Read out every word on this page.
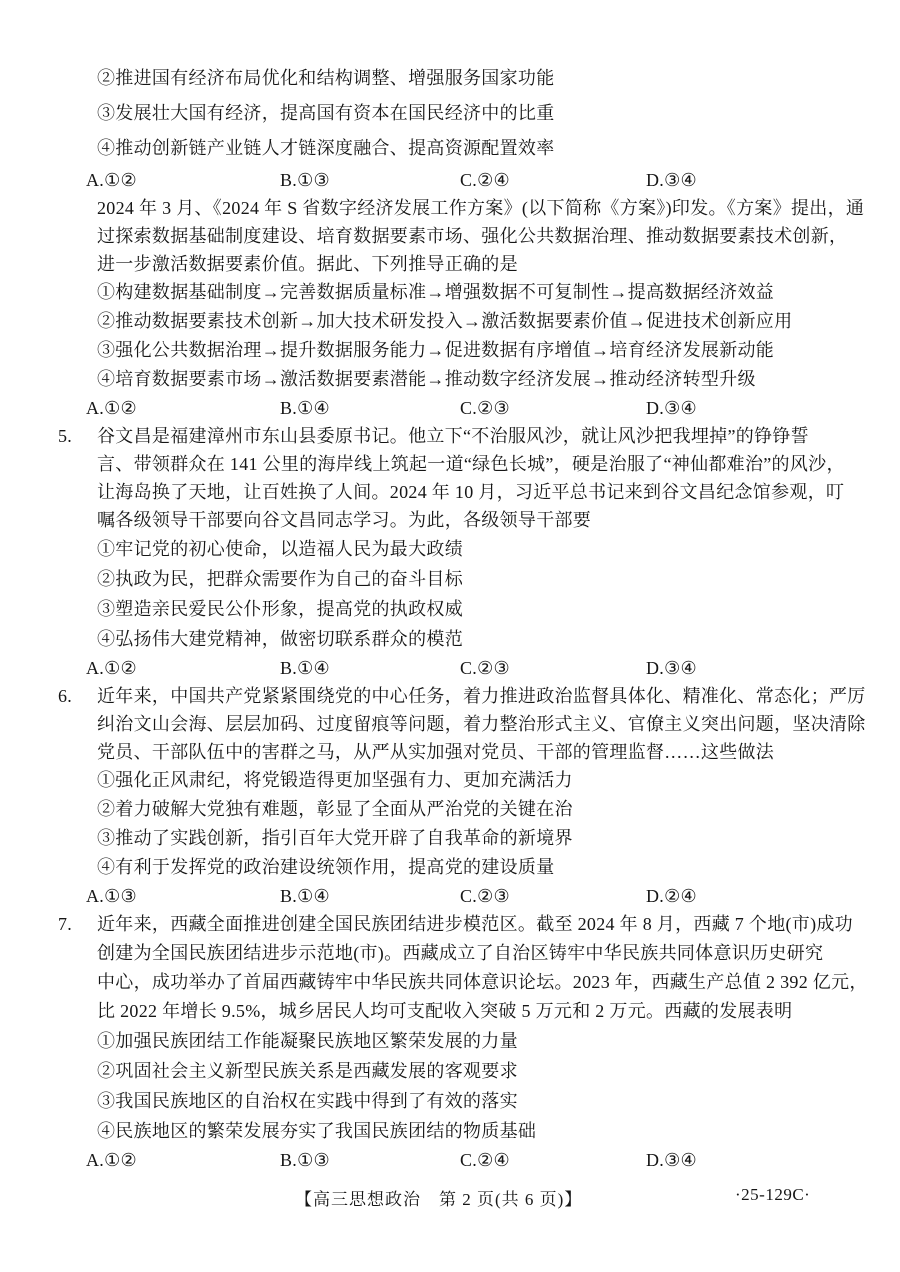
②推进国有经济布局优化和结构调整、增强服务国家功能
③发展壮大国有经济，提高国有资本在国民经济中的比重
④推动创新链产业链人才链深度融合、提高资源配置效率
A.①②	B.①③	C.②④	D.③④
2024 年 3 月、《2024 年 S 省数字经济发展工作方案》(以下简称《方案》)印发。《方案》提出，通
过探索数据基础制度建设、培育数据要素市场、强化公共数据治理、推动数据要素技术创新，
进一步激活数据要素价值。据此、下列推导正确的是
①构建数据基础制度→完善数据质量标准→增强数据不可复制性→提高数据经济效益
②推动数据要素技术创新→加大技术研发投入→激活数据要素价值→促进技术创新应用
③强化公共数据治理→提升数据服务能力→促进数据有序增值→培育经济发展新动能
④培育数据要素市场→激活数据要素潜能→推动数字经济发展→推动经济转型升级
A.①②	B.①④	C.②③	D.③④
5. 谷文昌是福建漳州市东山县委原书记。他立下“不治服风沙，就让风沙把我埋掉”的铮铮誓
言、带领群众在 141 公里的海岸线上筑起一道“绿色长城”，硬是治服了“神仙都难治”的风沙，
让海岛换了天地，让百姓换了人间。2024 年 10 月，习近平总书记来到谷文昌纪念馆参观，叮
嘱各级领导干部要向谷文昌同志学习。为此，各级领导干部要
①牢记党的初心使命，以造福人民为最大政绩
②执政为民，把群众需要作为自己的奋斗目标
③塑造亲民爱民公仆形象，提高党的执政权威
④弘扬伟大建党精神，做密切联系群众的模范
A.①②	B.①④	C.②③	D.③④
6. 近年来，中国共产党紧紧围绕党的中心任务，着力推进政治监督具体化、精准化、常态化；严厉
纠治文山会海、层层加码、过度留痕等问题，着力整治形式主义、官僚主义突出问题，坚决清除
党员、干部队伍中的害群之马，从严从实加强对党员、干部的管理监督……这些做法
①强化正风肃纪，将党锻造得更加坚强有力、更加充满活力
②着力破解大党独有难题，彰显了全面从严治党的关键在治
③推动了实践创新，指引百年大党开辟了自我革命的新境界
④有利于发挥党的政治建设统领作用，提高党的建设质量
A.①③	B.①④	C.②③	D.②④
7. 近年来，西藏全面推进创建全国民族团结进步模范区。截至 2024 年 8 月，西藏 7 个地(市)成功
创建为全国民族团结进步示范地(市)。西藏成立了自治区铸牢中华民族共同体意识历史研究
中心，成功举办了首届西藏铸牢中华民族共同体意识论坛。2023 年，西藏生产总值 2 392 亿元，
比 2022 年增长 9.5%，城乡居民人均可支配收入突破 5 万元和 2 万元。西藏的发展表明
①加强民族团结工作能凝聚民族地区繁荣发展的力量
②巩固社会主义新型民族关系是西藏发展的客观要求
③我国民族地区的自治权在实践中得到了有效的落实
④民族地区的繁荣发展夯实了我国民族团结的物质基础
A.①②	B.①③	C.②④	D.③④
【高三思想政治　第 2 页(共 6 页)】	·25-129C·
